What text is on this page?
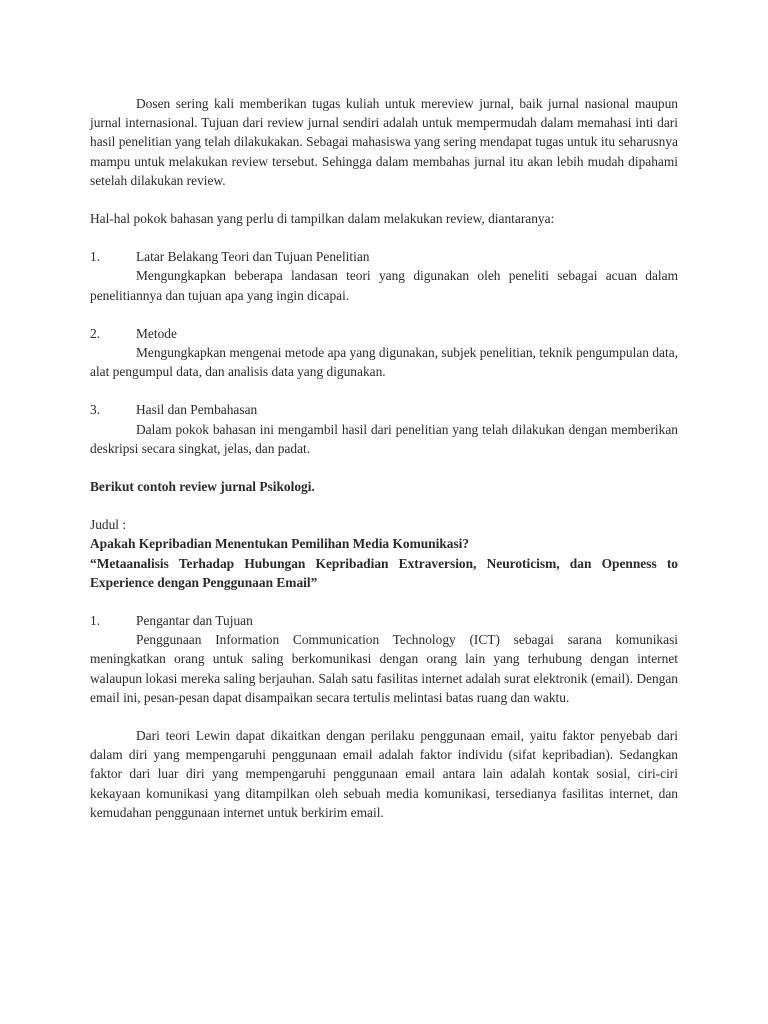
Dosen sering kali memberikan tugas kuliah untuk mereview jurnal, baik jurnal nasional maupun jurnal internasional. Tujuan dari review jurnal sendiri adalah untuk mempermudah dalam memahasi inti dari hasil penelitian yang telah dilakukakan. Sebagai mahasiswa yang sering mendapat tugas untuk itu seharusnya mampu untuk melakukan review tersebut. Sehingga dalam membahas jurnal itu akan lebih mudah dipahami setelah dilakukan review.

Hal-hal pokok bahasan yang perlu di tampilkan dalam melakukan review, diantaranya:

1.	Latar Belakang Teori dan Tujuan Penelitian

Mengungkapkan beberapa landasan teori yang digunakan oleh peneliti sebagai acuan dalam penelitiannya dan tujuan apa yang ingin dicapai.

2.	Metode

Mengungkapkan mengenai metode apa yang digunakan, subjek penelitian, teknik pengumpulan data, alat pengumpul data, dan analisis data yang digunakan.

3.	Hasil dan Pembahasan

Dalam pokok bahasan ini mengambil hasil dari penelitian yang telah dilakukan dengan memberikan deskripsi secara singkat, jelas, dan padat.

Berikut contoh review jurnal Psikologi.

Judul :

Apakah Kepribadian Menentukan Pemilihan Media Komunikasi?

“Metaanalisis Terhadap Hubungan Kepribadian Extraversion, Neuroticism, dan Openness to Experience dengan Penggunaan Email”

1.	Pengantar dan Tujuan

Penggunaan Information Communication Technology (ICT) sebagai sarana komunikasi meningkatkan orang untuk saling berkomunikasi dengan orang lain yang terhubung dengan internet walaupun lokasi mereka saling berjauhan. Salah satu fasilitas internet adalah surat elektronik (email). Dengan email ini, pesan-pesan dapat disampaikan secara tertulis melintasi batas ruang dan waktu.

Dari teori Lewin dapat dikaitkan dengan perilaku penggunaan email, yaitu faktor penyebab dari dalam diri yang mempengaruhi penggunaan email adalah faktor individu (sifat kepribadian). Sedangkan faktor dari luar diri yang mempengaruhi penggunaan email antara lain adalah kontak sosial, ciri-ciri kekayaan komunikasi yang ditampilkan oleh sebuah media komunikasi, tersedianya fasilitas internet, dan kemudahan penggunaan internet untuk berkirim email.
